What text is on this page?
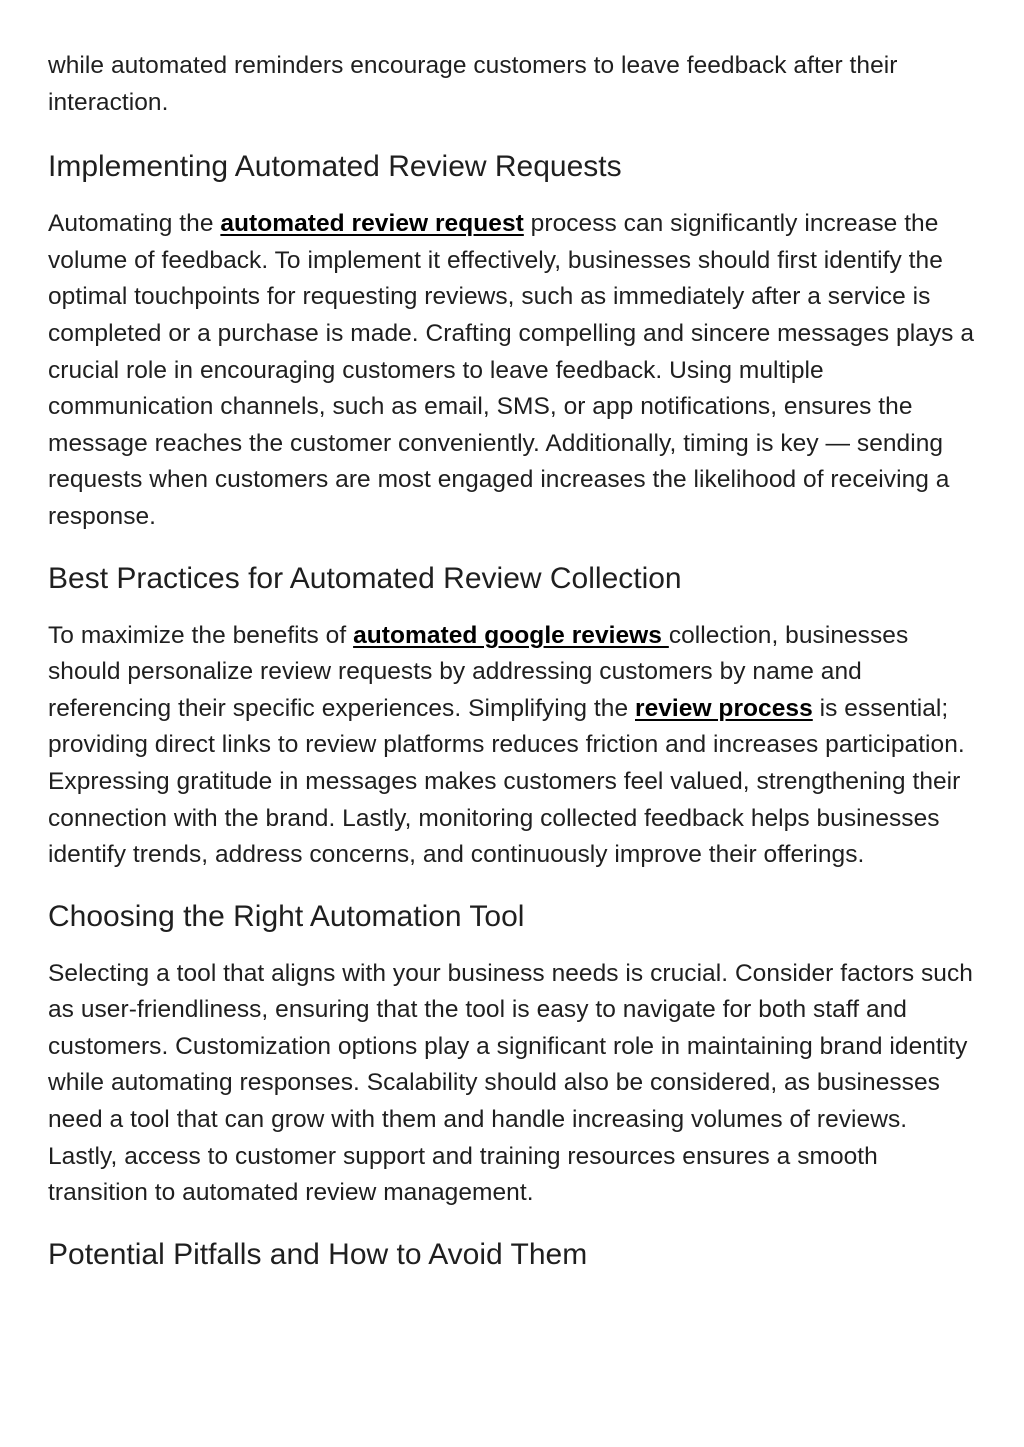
while automated reminders encourage customers to leave feedback after their interaction.

Implementing Automated Review Requests

Automating the automated review request process can significantly increase the volume of feedback. To implement it effectively, businesses should first identify the optimal touchpoints for requesting reviews, such as immediately after a service is completed or a purchase is made. Crafting compelling and sincere messages plays a crucial role in encouraging customers to leave feedback. Using multiple communication channels, such as email, SMS, or app notifications, ensures the message reaches the customer conveniently. Additionally, timing is key — sending requests when customers are most engaged increases the likelihood of receiving a response.

Best Practices for Automated Review Collection

To maximize the benefits of automated google reviews collection, businesses should personalize review requests by addressing customers by name and referencing their specific experiences. Simplifying the review process is essential; providing direct links to review platforms reduces friction and increases participation. Expressing gratitude in messages makes customers feel valued, strengthening their connection with the brand. Lastly, monitoring collected feedback helps businesses identify trends, address concerns, and continuously improve their offerings.

Choosing the Right Automation Tool

Selecting a tool that aligns with your business needs is crucial. Consider factors such as user-friendliness, ensuring that the tool is easy to navigate for both staff and customers. Customization options play a significant role in maintaining brand identity while automating responses. Scalability should also be considered, as businesses need a tool that can grow with them and handle increasing volumes of reviews. Lastly, access to customer support and training resources ensures a smooth transition to automated review management.

Potential Pitfalls and How to Avoid Them
